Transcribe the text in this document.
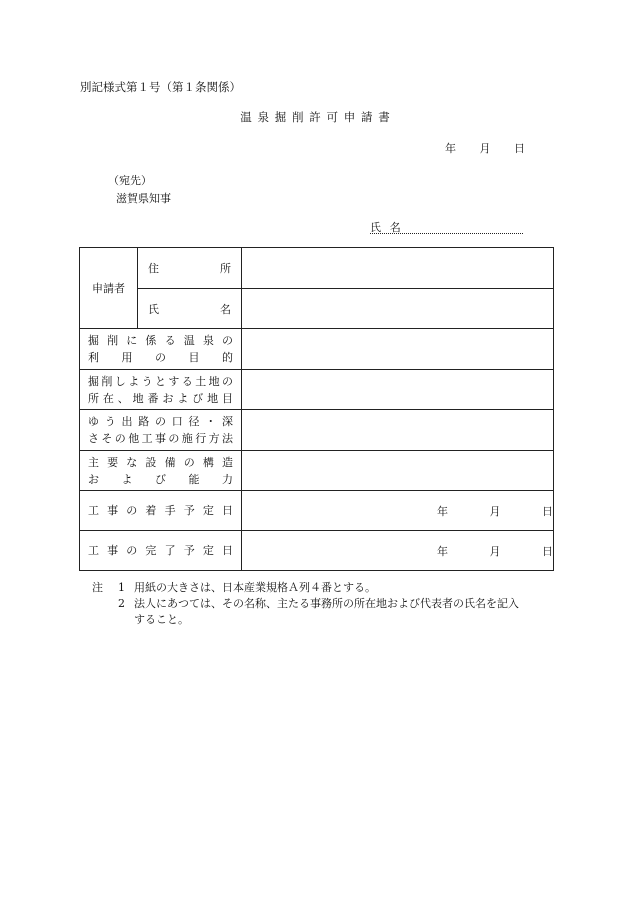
別記様式第１号（第１条関係）
温泉掘削許可申請書
年 月 日
（宛先）
滋賀県知事
氏名
申請者	住 所	

	氏 名	

掘削に係る温泉の
利用の目的		

掘削しようとする土地の
所在、地番および地目		

ゆう出路の口径・深
さその他工事の施行方法		

主要な設備の構造
および能力		

工事の着手予定日		年 月 日

工事の完了予定日		年 月 日
注	1 用紙の大きさは、日本産業規格Ａ列４番とする。
2 法人にあつては、その名称、主たる事務所の所在地および代表者の氏名を記入
すること。
